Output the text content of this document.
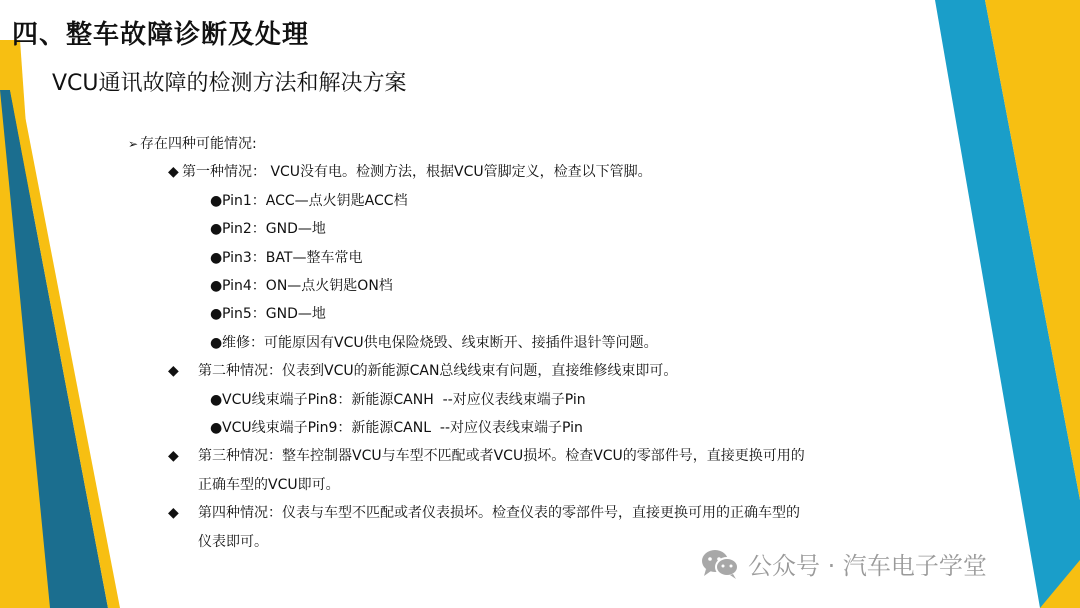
四、整车故障诊断及处理
VCU通讯故障的检测方法和解决方案
➢ 存在四种可能情况:
◆ 第一种情况： VCU没有电。检测方法，根据VCU管脚定义，检查以下管脚。
●Pin1：ACC—点火钥匙ACC档
●Pin2：GND—地
●Pin3：BAT—整车常电
●Pin4：ON—点火钥匙ON档
●Pin5：GND—地
●维修：可能原因有VCU供电保险烧毁、线束断开、接插件退针等问题。
◆ 第二种情况：仪表到VCU的新能源CAN总线线束有问题，直接维修线束即可。
●VCU线束端子Pin8：新能源CANH  --对应仪表线束端子Pin
●VCU线束端子Pin9：新能源CANL  --对应仪表线束端子Pin
◆ 第三种情况：整车控制器VCU与车型不匹配或者VCU损坏。检查VCU的零部件号，直接更换可用的
正确车型的VCU即可。
◆ 第四种情况：仪表与车型不匹配或者仪表损坏。检查仪表的零部件号，直接更换可用的正确车型的
仪表即可。
公众号 · 汽车电子学堂
